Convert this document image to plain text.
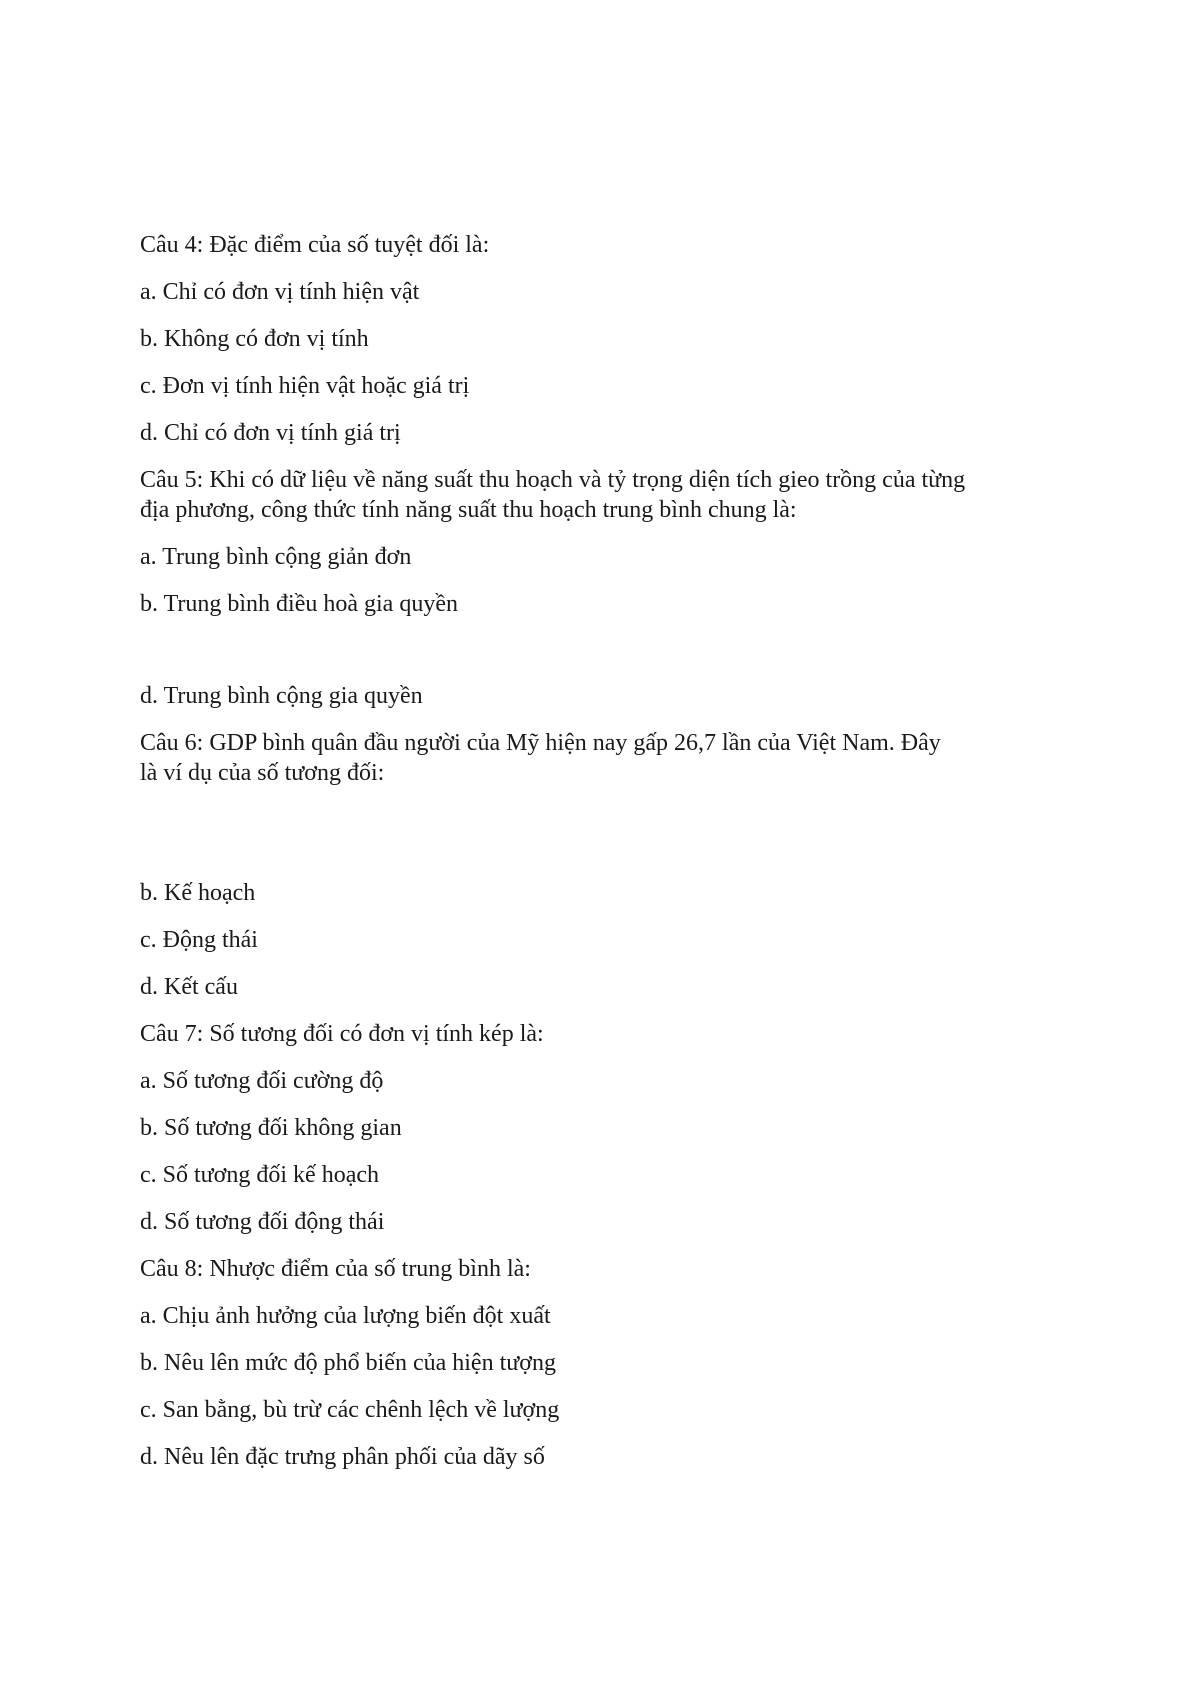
Câu 4: Đặc điểm của số tuyệt đối là:

a. Chỉ có đơn vị tính hiện vật

b. Không có đơn vị tính

c. Đơn vị tính hiện vật hoặc giá trị

d. Chỉ có đơn vị tính giá trị

Câu 5: Khi có dữ liệu về năng suất thu hoạch và tỷ trọng diện tích gieo trồng của từng

địa phương, công thức tính năng suất thu hoạch trung bình chung là:

a. Trung bình cộng giản đơn

b. Trung bình điều hoà gia quyền

d. Trung bình cộng gia quyền

Câu 6: GDP bình quân đầu người của Mỹ hiện nay gấp 26,7 lần của Việt Nam. Đây

là ví dụ của số tương đối:

b. Kế hoạch

c. Động thái

d. Kết cấu

Câu 7: Số tương đối có đơn vị tính kép là:

a. Số tương đối cường độ

b. Số tương đối không gian

c. Số tương đối kế hoạch

d. Số tương đối động thái

Câu 8: Nhược điểm của số trung bình là:

a. Chịu ảnh hưởng của lượng biến đột xuất

b. Nêu lên mức độ phổ biến của hiện tượng

c. San bằng, bù trừ các chênh lệch về lượng

d. Nêu lên đặc trưng phân phối của dãy số
